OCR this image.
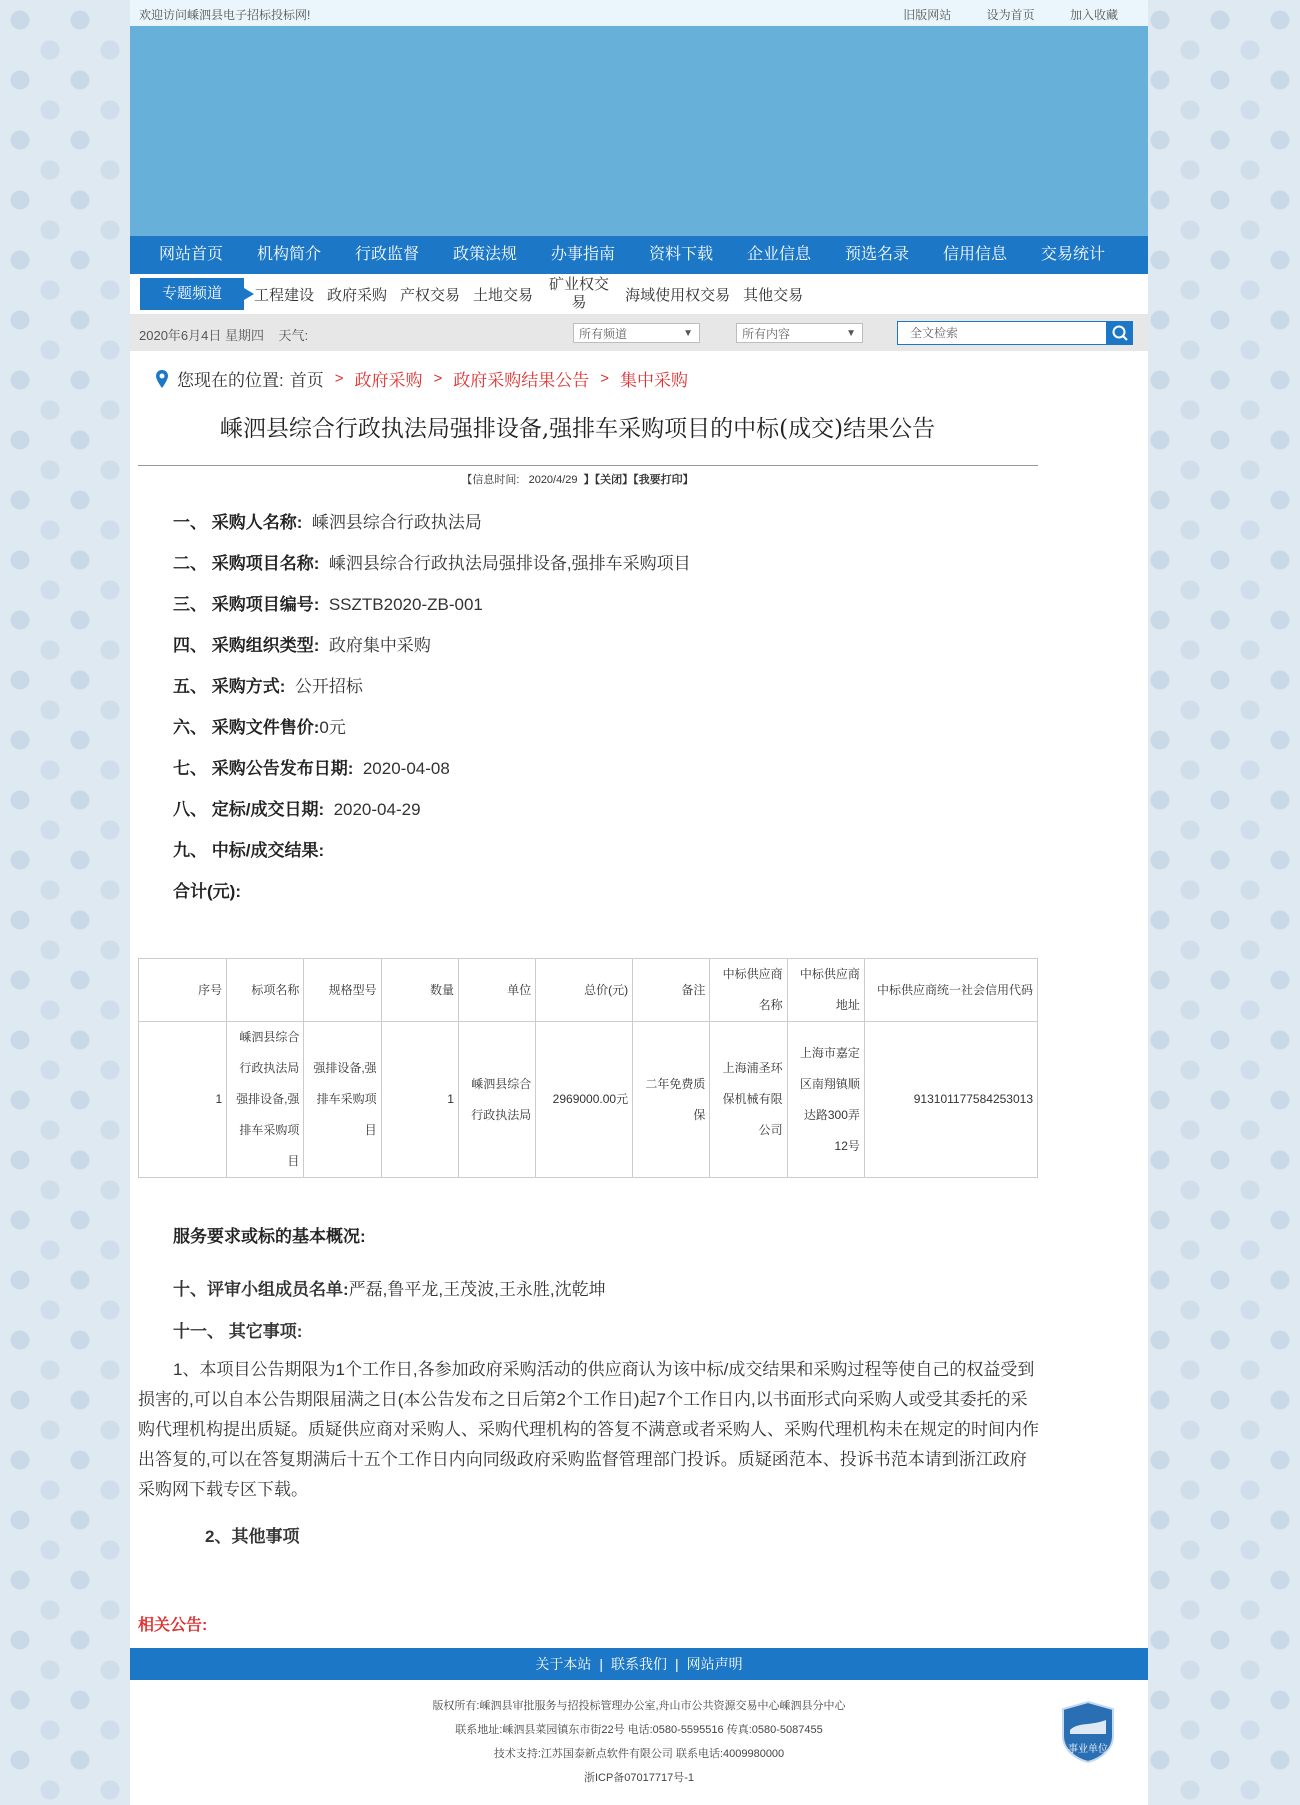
欢迎访问嵊泗县电子招标投标网!	旧版网站	设为首页	加入收藏
网站首页	机构简介	行政监督	政策法规	办事指南	资料下载	企业信息	预选名录	信用信息	交易统计
专题频道	工程建设 政府采购 产权交易 土地交易
矿业权交易	海域使用权交易 其他交易
2020年6月4日 星期四 天气:	所有频道	▼	所有内容	▼	全文检索
您现在的位置: 首页 > 政府采购 > 政府采购结果公告 > 集中采购
嵊泗县综合行政执法局强排设备,强排车采购项目的中标(成交)结果公告
【信息时间: 2020/4/29 】【关闭】【我要打印】
一、 采购人名称: 嵊泗县综合行政执法局
二、 采购项目名称: 嵊泗县综合行政执法局强排设备,强排车采购项目
三、 采购项目编号: SSZTB2020-ZB-001
四、 采购组织类型: 政府集中采购
五、 采购方式: 公开招标
六、 采购文件售价:0元
七、 采购公告发布日期: 2020-04-08
八、 定标/成交日期: 2020-04-29
九、 中标/成交结果:
合计(元):
序号	标项名称	规格型号	数量	单位	总价(元)	备注	中标供应商名称	中标供应商地址	中标供应商统一社会信用代码
1	嵊泗县综合行政执法局强排设备,强排车采购项目	强排设备,强排车采购项目	1	嵊泗县综合行政执法局	2969000.00元	二年免费质保	上海浦圣环保机械有限公司	上海市嘉定区南翔镇顺达路300弄12号	913101177584253013
服务要求或标的基本概况:
十、评审小组成员名单:严磊,鲁平龙,王茂波,王永胜,沈乾坤
十一、 其它事项:
1、本项目公告期限为1个工作日,各参加政府采购活动的供应商认为该中标/成交结果和采购过程等使自己的权益受到损害的,可以自本公告期限届满之日(本公告发布之日后第2个工作日)起7个工作日内,以书面形式向采购人或受其委托的采购代理机构提出质疑。质疑供应商对采购人、采购代理机构的答复不满意或者采购人、采购代理机构未在规定的时间内作出答复的,可以在答复期满后十五个工作日内向同级政府采购监督管理部门投诉。质疑函范本、投诉书范本请到浙江政府采购网下载专区下载。
2、其他事项
相关公告:
关于本站 | 联系我们 | 网站声明
版权所有:嵊泗县审批服务与招投标管理办公室,舟山市公共资源交易中心嵊泗县分中心
联系地址:嵊泗县菜园镇东市街22号 电话:0580-5595516 传真:0580-5087455
技术支持:江苏国泰新点软件有限公司 联系电话:4009980000
浙ICP备07017717号-1
事业单位
